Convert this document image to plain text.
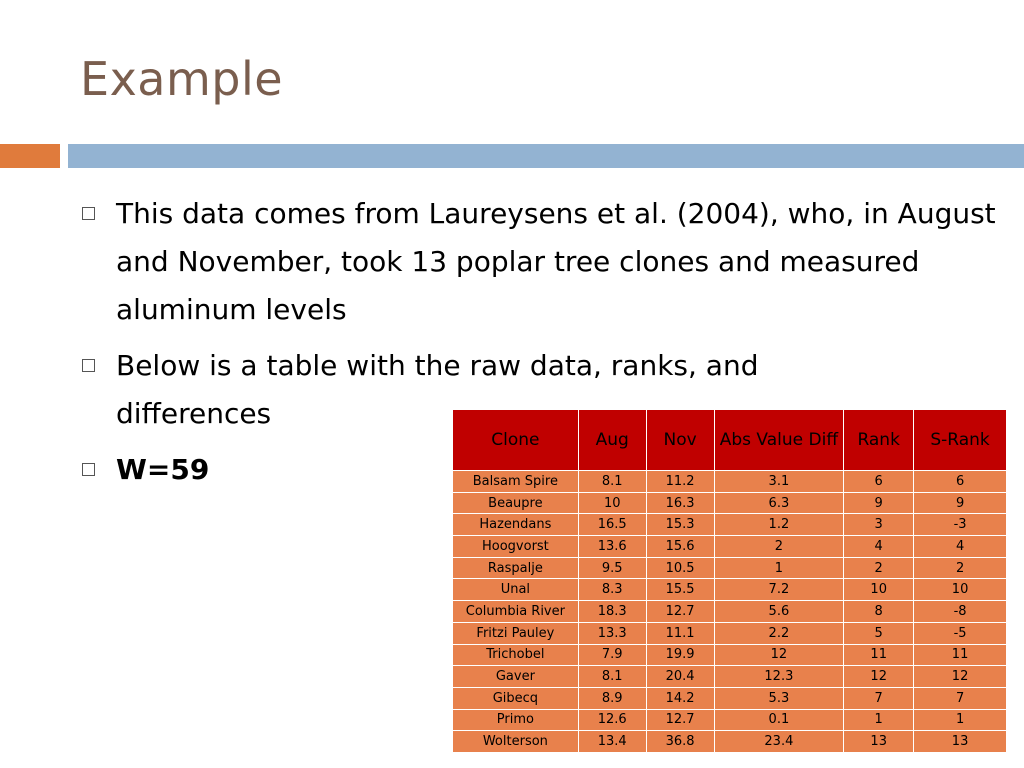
Example
This data comes from Laureysens et al. (2004), who, in August and November, took 13 poplar tree clones and measured aluminum levels
Below is a table with the raw data, ranks, and differences
W=59
Clone	Aug	Nov	Abs Value Diff	Rank	S-Rank
Balsam Spire	8.1	11.2	3.1	6	6
Beaupre	10	16.3	6.3	9	9
Hazendans	16.5	15.3	1.2	3	-3
Hoogvorst	13.6	15.6	2	4	4
Raspalje	9.5	10.5	1	2	2
Unal	8.3	15.5	7.2	10	10
Columbia River	18.3	12.7	5.6	8	-8
Fritzi Pauley	13.3	11.1	2.2	5	-5
Trichobel	7.9	19.9	12	11	11
Gaver	8.1	20.4	12.3	12	12
Gibecq	8.9	14.2	5.3	7	7
Primo	12.6	12.7	0.1	1	1
Wolterson	13.4	36.8	23.4	13	13
